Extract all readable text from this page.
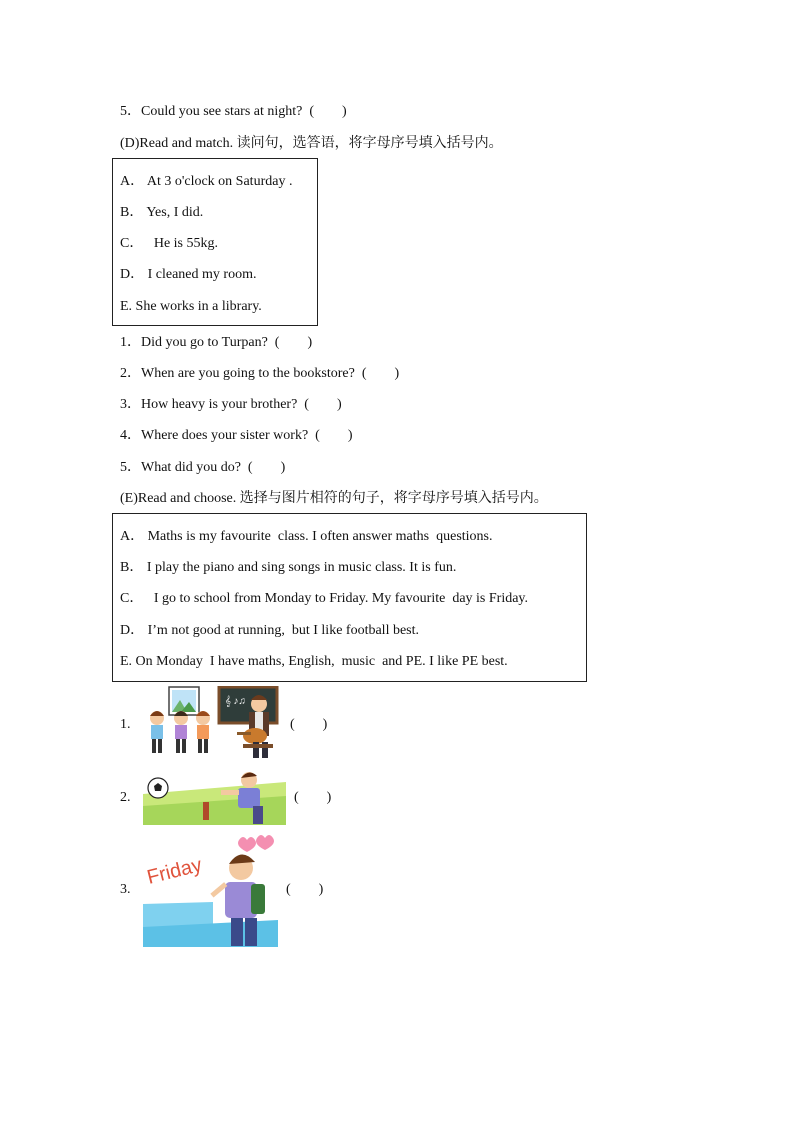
5．Could you see stars at night?  (        )
(D)Read and match. 读问句，选答语，将字母序号填入括号内。
A． At 3 o'clock on Saturday .
B． Yes, I did.
C．   He is 55kg.
D． I cleaned my room.
E. She works in a library.
1．Did you go to Turpan?  (        )
2．When are you going to the bookstore?  (        )
3．How heavy is your brother?  (        )
4．Where does your sister work?  (        )
5．What did you do?  (        )
(E)Read and choose. 选择与图片相符的句子，将字母序号填入括号内。
A． Maths is my favourite  class. I often answer maths  questions.
B． I play the piano and sing songs in music class. It is fun.
C．   I go to school from Monday to Friday. My favourite  day is Friday.
D． I’m not good at running,  but I like football best.
E. On Monday  I have maths, English,  music  and PE. I like PE best.
1.
𝄞 ♪♫
(        )
2.	(        )
3.
Friday
(        )
